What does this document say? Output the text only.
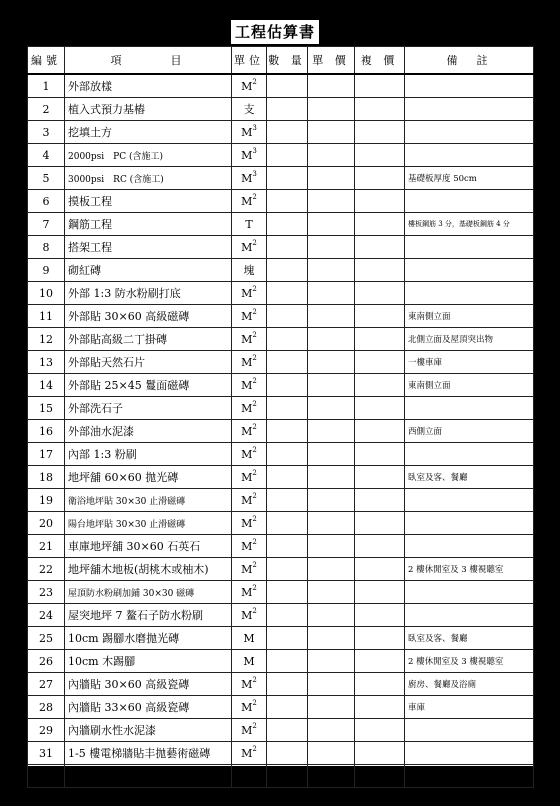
工程估算書
編號	項　　　目	單位	數 量	單 價	複 價	備　註
1	外部放樣	$M^2$				
2	植入式預力基樁	支				
3	挖填土方	$M^3$				
4	2000psi　PC (含施工)	$M^3$				
5	3000psi　RC (含施工)	$M^3$				基礎板厚度 50cm
6	摸板工程	$M^2$				
7	鋼筋工程	T				樓板鋼筋 3 分，基礎板鋼筋 4 分
8	搭架工程	$M^2$				
9	砌紅磚	塊				
10	外部 1:3 防水粉刷打底	$M^2$				
11	外部貼 30×60 高級磁磚	$M^2$				東南側立面
12	外部貼高級二丁掛磚	$M^2$				北側立面及屋頂突出物
13	外部貼天然石片	$M^2$				一樓車庫
14	外部貼 25×45 鬘面磁磚	$M^2$				東南側立面
15	外部洗石子	$M^2$				
16	外部油水泥漆	$M^2$				西側立面
17	內部 1:3 粉刷	$M^2$				
18	地坪舖 60×60 拋光磚	$M^2$				臥室及客、餐廳
19	衛浴地坪貼 30×30 止滑磁磚	$M^2$				
20	陽台地坪貼 30×30 止滑磁磚	$M^2$				
21	車庫地坪舖 30×60 石英石	$M^2$				
22	地坪舖木地板(胡桃木或柚木)	$M^2$				2 樓休閒室及 3 樓視聽室
23	屋頂防水粉刷加鋪 30×30 磁磚	$M^2$				
24	屋突地坪 7 鳌石子防水粉刷	$M^2$				
25	10cm 踢腳水磨拋光磚	M				臥室及客、餐廳
26	10cm 木踢腳	M				2 樓休閒室及 3 樓視聽室
27	內牆貼 30×60 高級瓷磚	$M^2$				廚房、餐廳及浴廁
28	內牆貼 33×60 高級瓷磚	$M^2$				車庫
29	內牆刷水性水泥漆	$M^2$				
31	1-5 樓電梯牆貼丰拋藝術磁磚	$M^2$				
32	1-5 樓電梯牆進口大理石門面修飾	樘				
